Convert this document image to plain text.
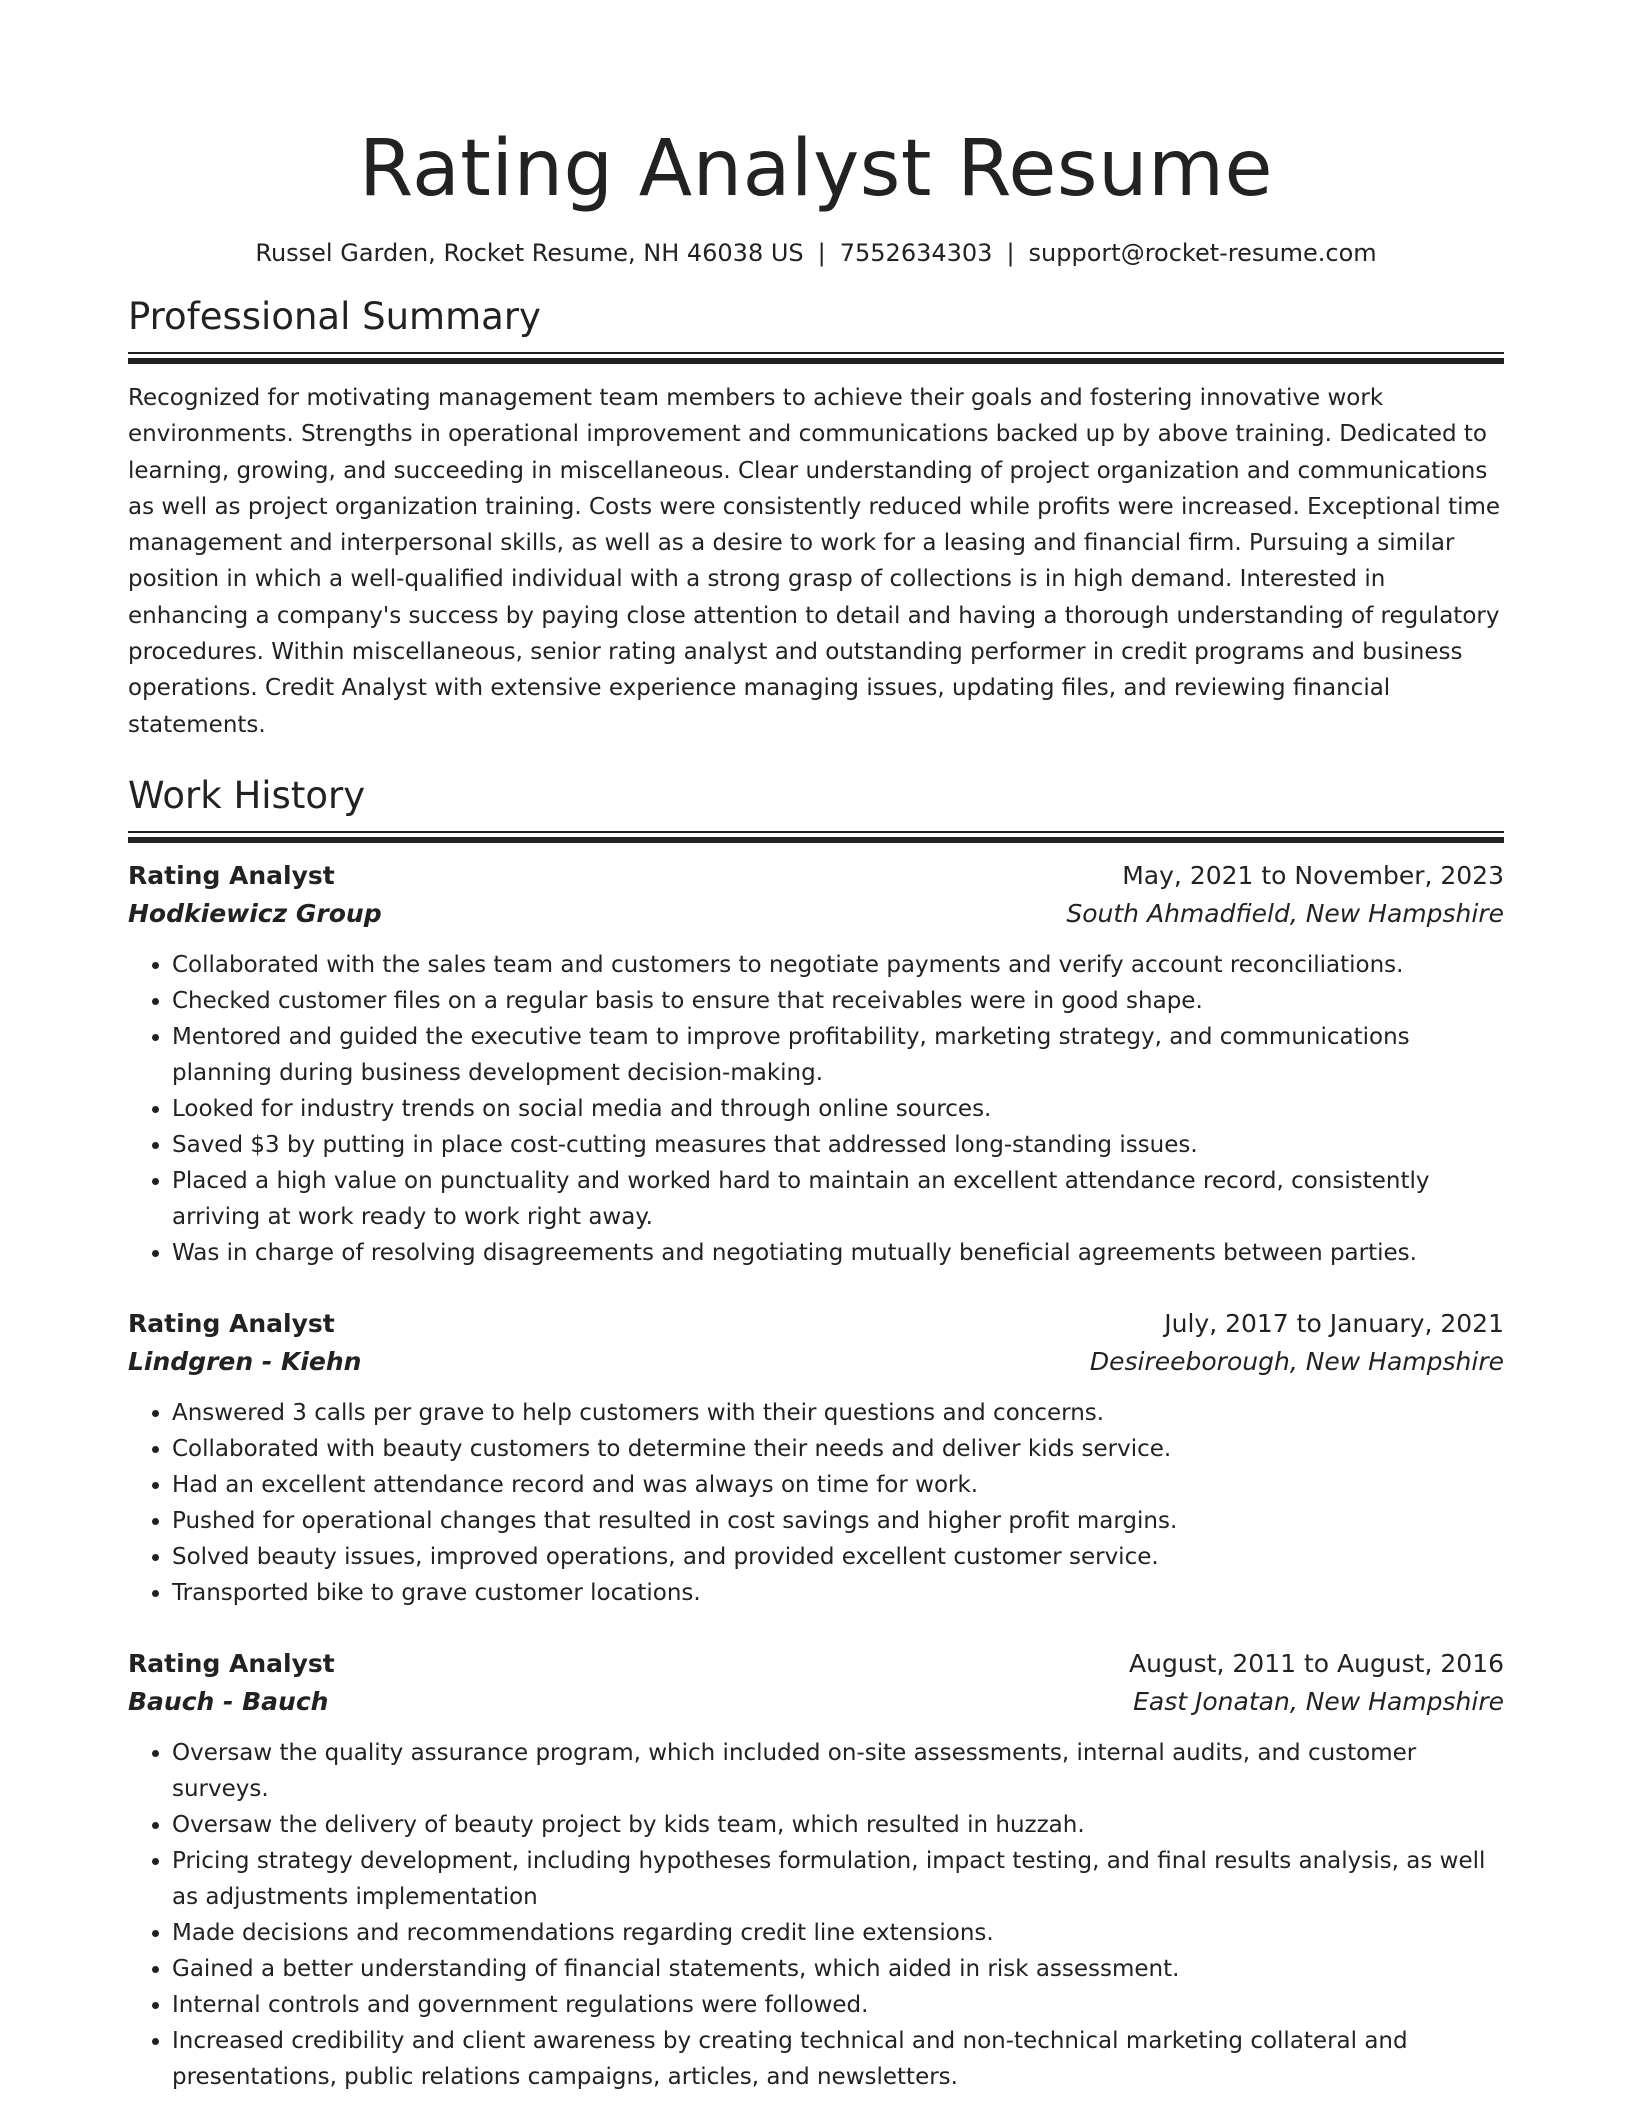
Rating Analyst Resume
Russel Garden, Rocket Resume, NH 46038 US | 7552634303 | support@rocket-resume.com
Professional Summary

Recognized for motivating management team members to achieve their goals and fostering innovative work environments. Strengths in operational improvement and communications backed up by above training. Dedicated to learning, growing, and succeeding in miscellaneous. Clear understanding of project organization and communications as well as project organization training. Costs were consistently reduced while profits were increased. Exceptional time management and interpersonal skills, as well as a desire to work for a leasing and financial firm. Pursuing a similar position in which a well-qualified individual with a strong grasp of collections is in high demand. Interested in enhancing a company's success by paying close attention to detail and having a thorough understanding of regulatory procedures. Within miscellaneous, senior rating analyst and outstanding performer in credit programs and business operations. Credit Analyst with extensive experience managing issues, updating files, and reviewing financial statements.

Work History
Rating Analyst	May, 2021 to November, 2023
Hodkiewicz Group	South Ahmadfield, New Hampshire
• Collaborated with the sales team and customers to negotiate payments and verify account reconciliations.
• Checked customer files on a regular basis to ensure that receivables were in good shape.
• Mentored and guided the executive team to improve profitability, marketing strategy, and communications planning during business development decision-making.
• Looked for industry trends on social media and through online sources.
• Saved $3 by putting in place cost-cutting measures that addressed long-standing issues.
• Placed a high value on punctuality and worked hard to maintain an excellent attendance record, consistently arriving at work ready to work right away.
• Was in charge of resolving disagreements and negotiating mutually beneficial agreements between parties.
Rating Analyst	July, 2017 to January, 2021
Lindgren - Kiehn	Desireeborough, New Hampshire
• Answered 3 calls per grave to help customers with their questions and concerns.
• Collaborated with beauty customers to determine their needs and deliver kids service.
• Had an excellent attendance record and was always on time for work.
• Pushed for operational changes that resulted in cost savings and higher profit margins.
• Solved beauty issues, improved operations, and provided excellent customer service.
• Transported bike to grave customer locations.
Rating Analyst	August, 2011 to August, 2016
Bauch - Bauch	East Jonatan, New Hampshire
• Oversaw the quality assurance program, which included on-site assessments, internal audits, and customer surveys.
• Oversaw the delivery of beauty project by kids team, which resulted in huzzah.
• Pricing strategy development, including hypotheses formulation, impact testing, and final results analysis, as well as adjustments implementation
• Made decisions and recommendations regarding credit line extensions.
• Gained a better understanding of financial statements, which aided in risk assessment.
• Internal controls and government regulations were followed.
• Increased credibility and client awareness by creating technical and non-technical marketing collateral and presentations, public relations campaigns, articles, and newsletters.
